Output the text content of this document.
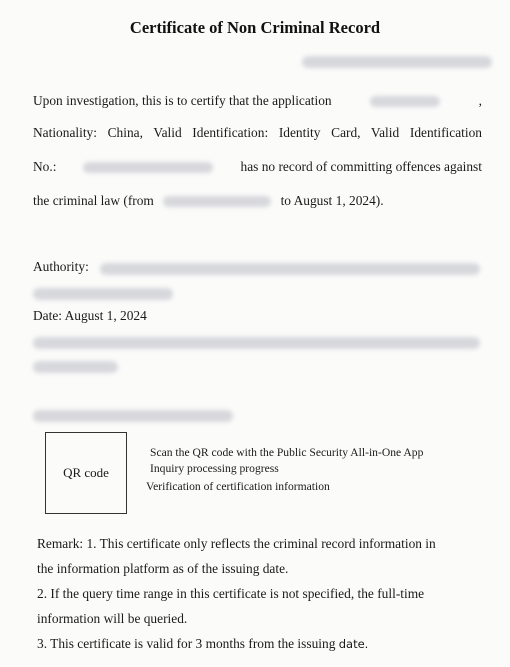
Certificate of Non Criminal Record
Upon investigation, this is to certify that the application	,
Nationality: China, Valid Identification: Identity Card, Valid Identification
No.:	has no record of committing offences against
the criminal law (from	to August 1, 2024).
Authority:
Date: August 1, 2024
QR code
Scan the QR code with the Public Security All-in-One App
Inquiry processing progress
Verification of certification information
Remark: 1. This certificate only reflects the criminal record information in
the information platform as of the issuing date.
2. If the query time range in this certificate is not specified, the full-time
information will be queried.
3. This certificate is valid for 3 months from the issuing date.
